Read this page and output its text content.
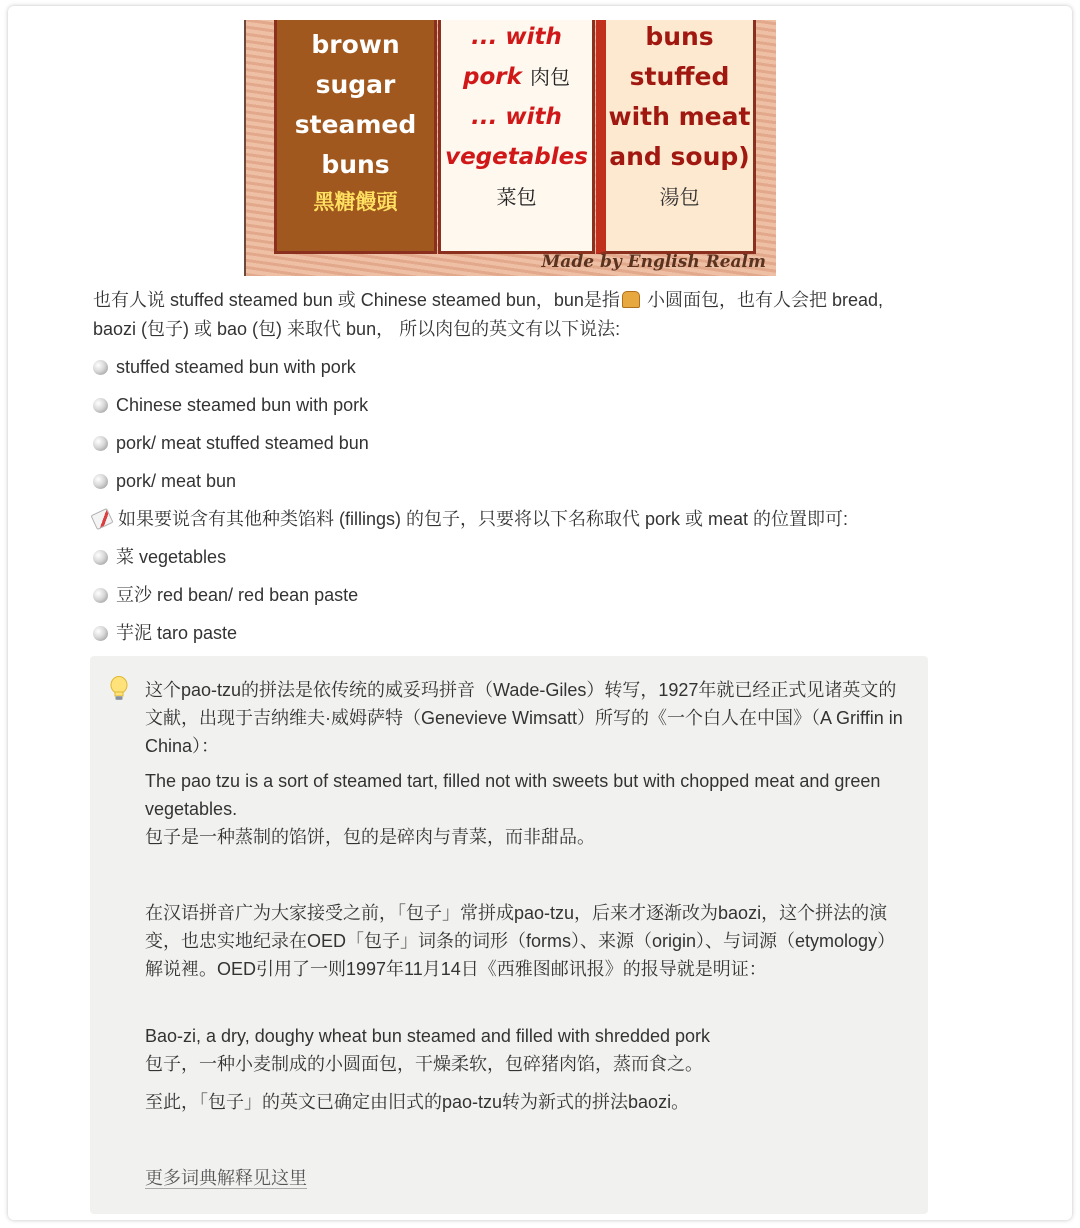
brown
sugar
steamed
buns
黑糖饅頭
... with
pork 肉包
... with
vegetables
菜包
buns
stuffed
with meat
and soup)
湯包
Made by English Realm
也有人说 stuffed steamed bun 或 Chinese steamed bun，bun是指 小圆面包，也有人会把 bread, baozi (包子) 或 bao (包) 来取代 bun， 所以肉包的英文有以下说法:
stuffed steamed bun with pork
Chinese steamed bun with pork
pork/ meat stuffed steamed bun
pork/ meat bun
如果要说含有其他种类馅料 (fillings) 的包子，只要将以下名称取代 pork 或 meat 的位置即可:
菜 vegetables
豆沙 red bean/ red bean paste
芋泥 taro paste
这个pao-tzu的拼法是依传统的威妥玛拼音（Wade-Giles）转写，1927年就已经正式见诸英文的文献，出现于吉纳维夫·威姆萨特（Genevieve Wimsatt）所写的《一个白人在中国》（A Griffin in China）：
The pao tzu is a sort of steamed tart, filled not with sweets but with chopped meat and green vegetables.
包子是一种蒸制的馅饼，包的是碎肉与青菜，而非甜品。
在汉语拼音广为大家接受之前，「包子」常拼成pao-tzu，后来才逐渐改为baozi，这个拼法的演变，也忠实地纪录在OED「包子」词条的词形（forms）、来源（origin）、与词源（etymology）解说裡。OED引用了一则1997年11月14日《西雅图邮讯报》的报导就是明证：
Bao-zi, a dry, doughy wheat bun steamed and filled with shredded pork
包子，一种小麦制成的小圆面包，干燥柔软，包碎猪肉馅，蒸而食之。
至此，「包子」的英文已确定由旧式的pao-tzu转为新式的拼法baozi。
更多词典解释见这里
